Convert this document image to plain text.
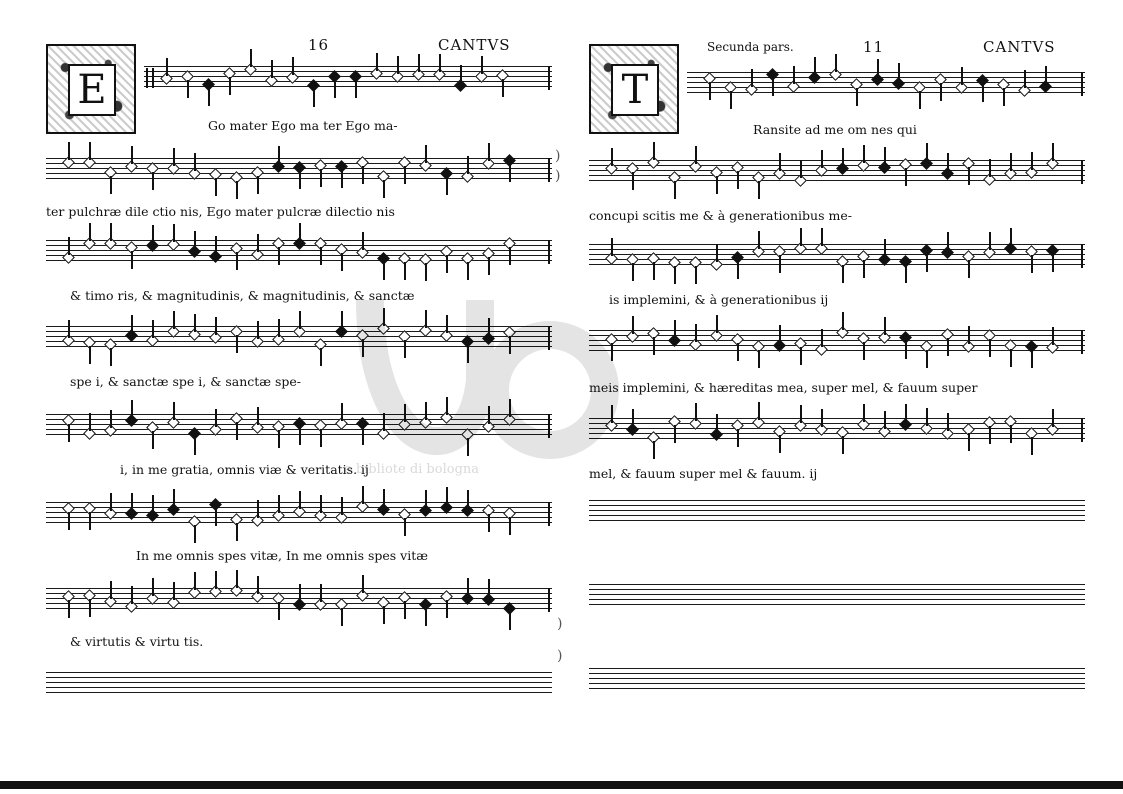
16	CANTVS
E
Go mater Ego ma ter Ego ma-
ter pulchræ dile ctio nis, Ego mater pulcræ dilectio nis
& timo ris, & magnitudinis, & magnitudinis, & sanctæ
spe i, & sanctæ spe i, & sanctæ spe-
i, in me gratia, omnis viæ & veritatis. ij
In me omnis spes vitæ, In me omnis spes vitæ
& virtutis & virtu tis.
Secunda pars.	11	CANTVS
T
Ransite ad me om nes qui
concupi scitis me & à generationibus me-
is implemini, & à generationibus ij
meis implemini, & hæreditas mea, super mel, & fauum super
mel, & fauum super mel & fauum. ij
)
)
)
)
e bibliote di bologna
